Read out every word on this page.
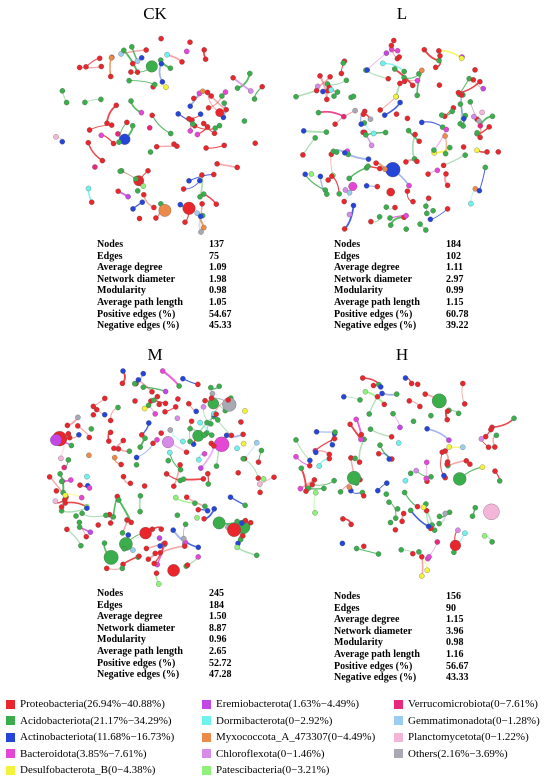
CK	L
M	H
Nodes	137
Edges	75
Average degree	1.09
Network diameter	1.98
Modularity	0.98
Average path length	1.05
Positive edges (%)	54.67
Negative edges (%)	45.33
Nodes	184
Edges	102
Average degree	1.11
Network diameter	2.97
Modularity	0.99
Average path length	1.15
Positive edges (%)	60.78
Negative edges (%)	39.22
Nodes	245
Edges	184
Average degree	1.50
Network diameter	8.87
Modularity	0.96
Average path length	2.65
Positive edges (%)	52.72
Negative edges (%)	47.28
Nodes	156
Edges	90
Average degree	1.15
Network diameter	3.96
Modularity	0.98
Average path length	1.16
Positive edges (%)	56.67
Negative edges (%)	43.33
Proteobacteria(26.94%−40.88%)
Acidobacteriota(21.17%−34.29%)
Actinobacteriota(11.68%−16.73%)
Bacteroidota(3.85%−7.61%)
Desulfobacterota_B(0−4.38%)
Eremiobacterota(1.63%−4.49%)
Dormibacterota(0−2.92%)
Myxococcota_A_473307(0−4.49%)
Chloroflexota(0−1.46%)
Patescibacteria(0−3.21%)
Verrucomicrobiota(0−7.61%)
Gemmatimonadota(0−1.28%)
Planctomycetota(0−1.22%)
Others(2.16%−3.69%)
